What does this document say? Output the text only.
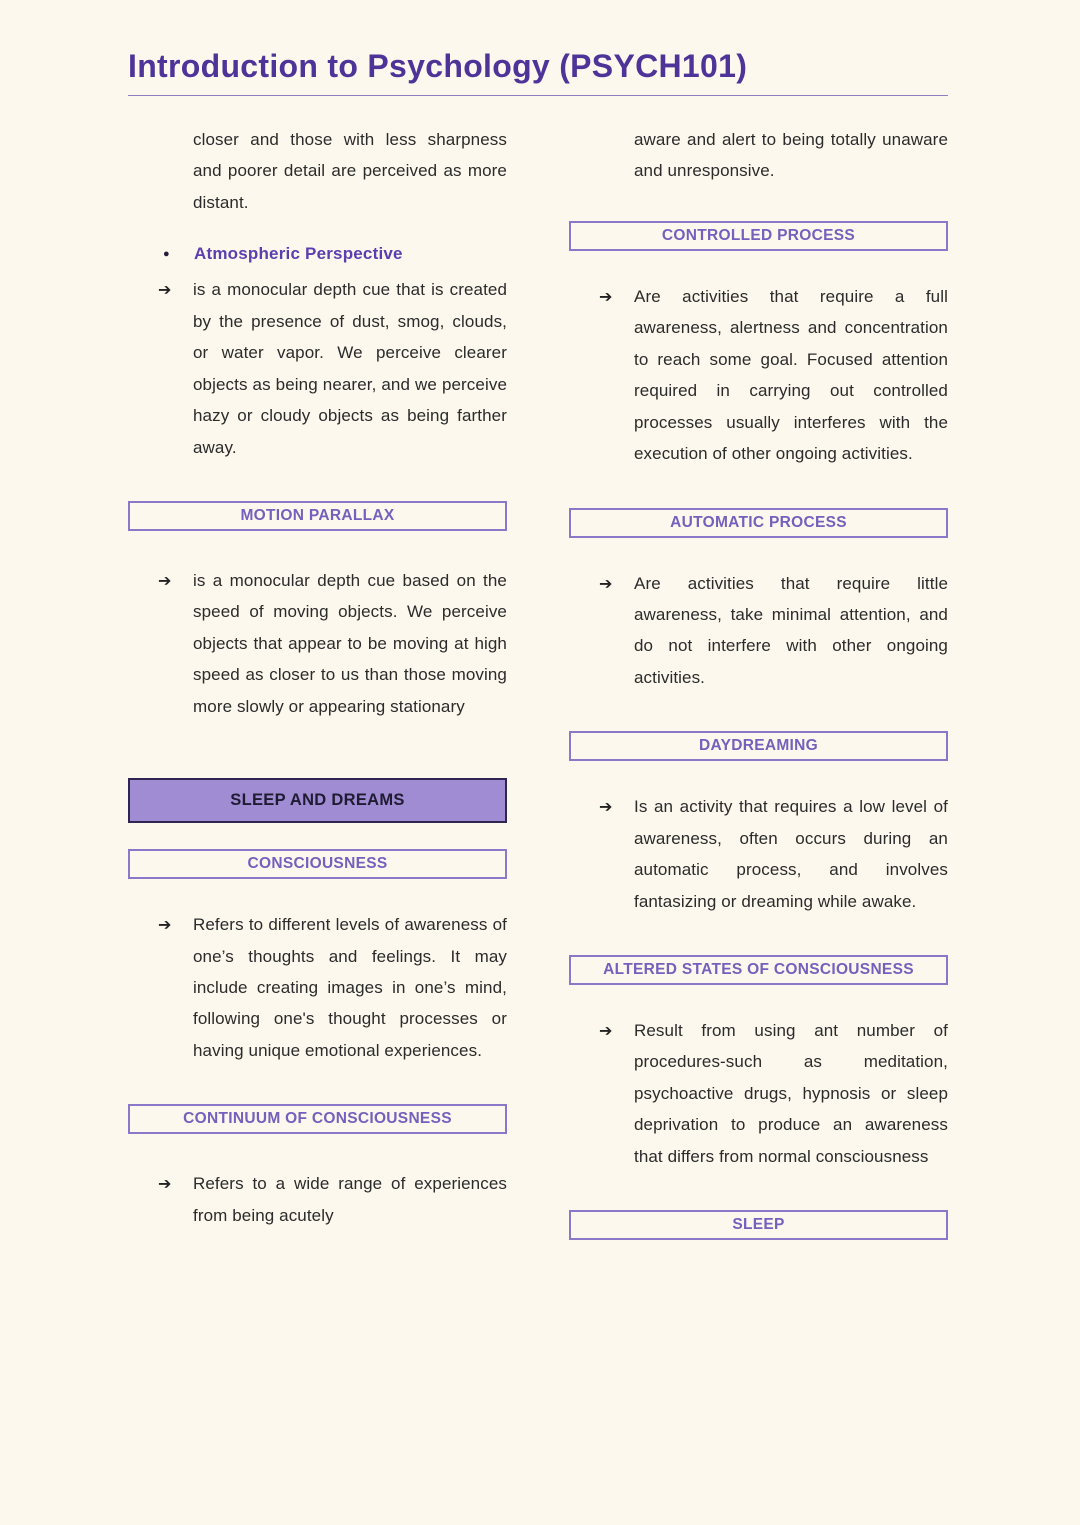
Introduction to Psychology (PSYCH101)

closer and those with less sharpness and poorer detail are perceived as more distant.

●	Atmospheric Perspective
➔	is a monocular depth cue that is created by the presence of dust, smog, clouds, or water vapor. We perceive clearer objects as being nearer, and we perceive hazy or cloudy objects as being farther away.

MOTION PARALLAX
➔	is a monocular depth cue based on the speed of moving objects. We perceive objects that appear to be moving at high speed as closer to us than those moving more slowly or appearing stationary

SLEEP AND DREAMS
CONSCIOUSNESS
➔	Refers to different levels of awareness of one’s thoughts and feelings. It may include creating images in one’s mind, following one's thought processes or having unique emotional experiences.

CONTINUUM OF CONSCIOUSNESS
➔	Refers to a wide range of experiences from being acutely

aware and alert to being totally unaware and unresponsive.

CONTROLLED PROCESS
➔	Are activities that require a full awareness, alertness and concentration to reach some goal. Focused attention required in carrying out controlled processes usually interferes with the execution of other ongoing activities.

AUTOMATIC PROCESS
➔	Are activities that require little awareness, take minimal attention, and do not interfere with other ongoing activities.

DAYDREAMING
➔	Is an activity that requires a low level of awareness, often occurs during an automatic process, and involves fantasizing or dreaming while awake.

ALTERED STATES OF CONSCIOUSNESS
➔	Result from using ant number of procedures-such as meditation, psychoactive drugs, hypnosis or sleep deprivation to produce an awareness that differs from normal consciousness

SLEEP
